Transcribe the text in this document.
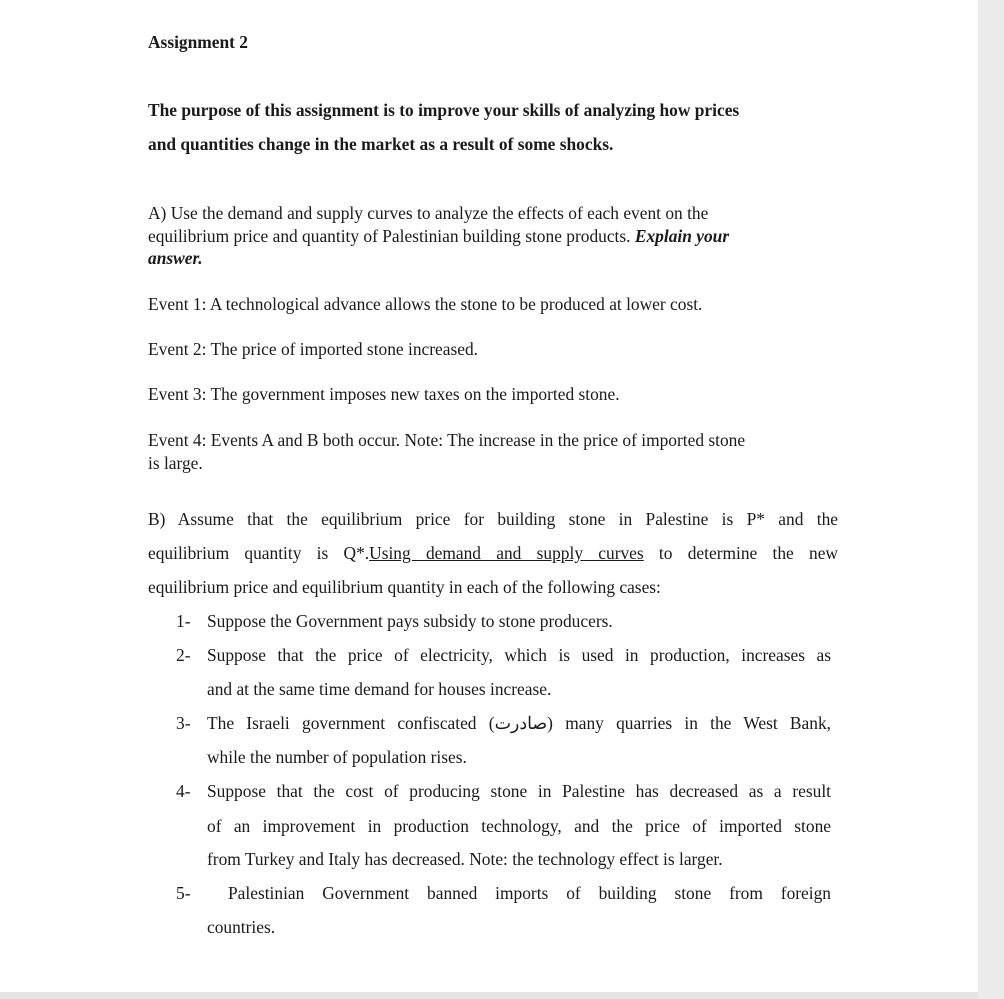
Assignment 2
The purpose of this assignment is to improve your skills of analyzing how prices
and quantities change in the market as a result of some shocks.
A) Use the demand and supply curves to analyze the effects of each event on the
equilibrium price and quantity of Palestinian building stone products. Explain your
answer.
Event 1: A technological advance allows the stone to be produced at lower cost.
Event 2: The price of imported stone increased.
Event 3: The government imposes new taxes on the imported stone.
Event 4: Events A and B both occur. Note: The increase in the price of imported stone
is large.
B) Assume that the equilibrium price for building stone in Palestine is P* and the
equilibrium quantity is Q*.Using demand and supply curves to determine the new
equilibrium price and equilibrium quantity in each of the following cases:
1- Suppose the Government pays subsidy to stone producers.
2- Suppose that the price of electricity, which is used in production, increases as
and at the same time demand for houses increase.
3- The Israeli government confiscated (صادرت) many quarries in the West Bank,
while the number of population rises.
4- Suppose that the cost of producing stone in Palestine has decreased as a result
of an improvement in production technology, and the price of imported stone
from Turkey and Italy has decreased. Note: the technology effect is larger.
5- Palestinian Government banned imports of building stone from foreign
countries.
